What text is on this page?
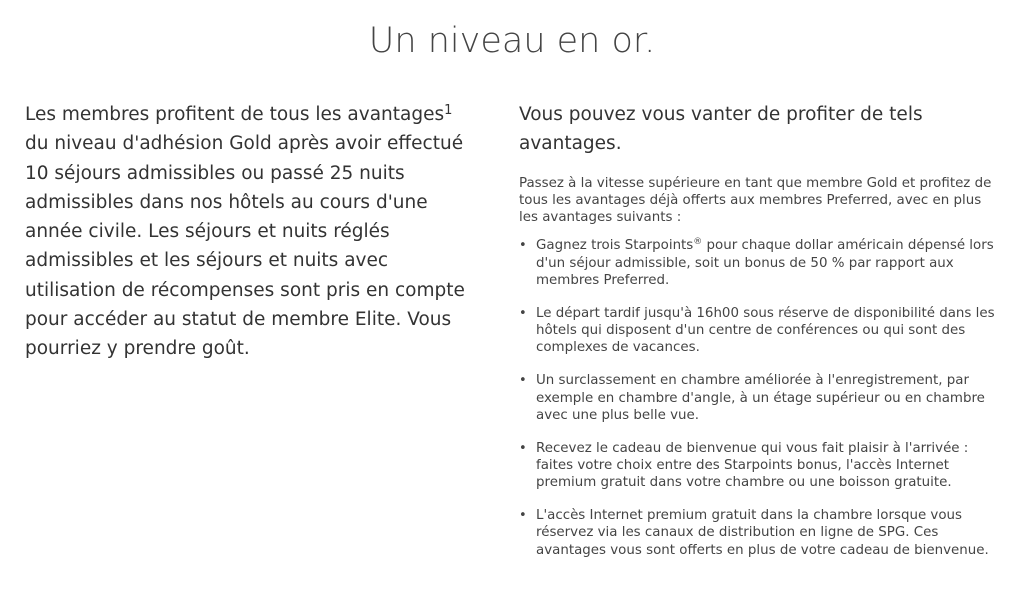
Un niveau en or.

Les membres profitent de tous les avantages$^1$ du niveau d'adhésion Gold après avoir effectué 10 séjours admissibles ou passé 25 nuits admissibles dans nos hôtels au cours d'une année civile. Les séjours et nuits réglés admissibles et les séjours et nuits avec utilisation de récompenses sont pris en compte pour accéder au statut de membre Elite. Vous pourriez y prendre goût.

Vous pouvez vous vanter de profiter de tels avantages.

Passez à la vitesse supérieure en tant que membre Gold et profitez de tous les avantages déjà offerts aux membres Preferred, avec en plus les avantages suivants :

• Gagnez trois Starpoints® pour chaque dollar américain dépensé lors d'un séjour admissible, soit un bonus de 50 % par rapport aux membres Preferred.
• Le départ tardif jusqu'à 16h00 sous réserve de disponibilité dans les hôtels qui disposent d'un centre de conférences ou qui sont des complexes de vacances.
• Un surclassement en chambre améliorée à l'enregistrement, par exemple en chambre d'angle, à un étage supérieur ou en chambre avec une plus belle vue.
• Recevez le cadeau de bienvenue qui vous fait plaisir à l'arrivée : faites votre choix entre des Starpoints bonus, l'accès Internet premium gratuit dans votre chambre ou une boisson gratuite.
• L'accès Internet premium gratuit dans la chambre lorsque vous réservez via les canaux de distribution en ligne de SPG. Ces avantages vous sont offerts en plus de votre cadeau de bienvenue.
